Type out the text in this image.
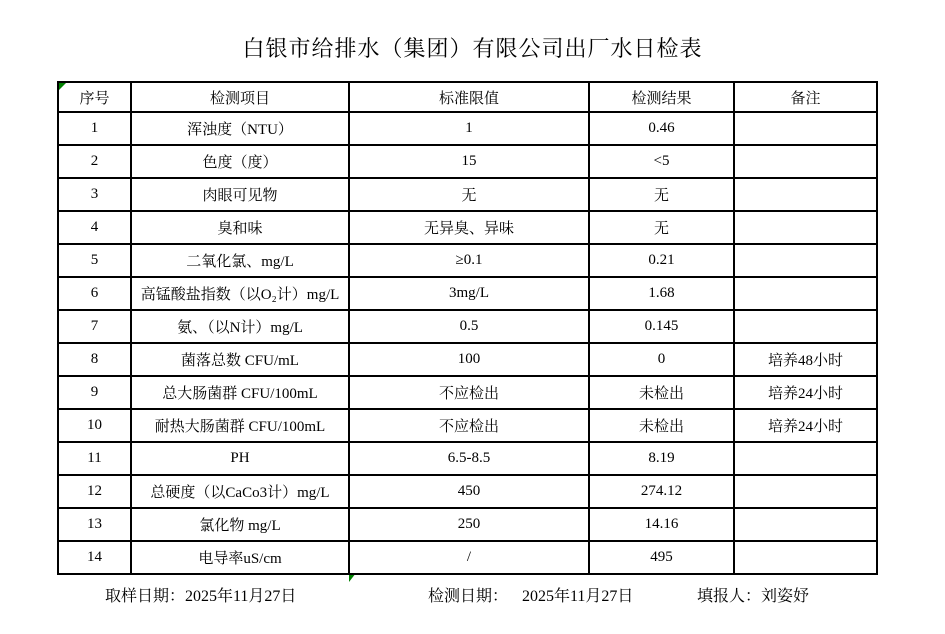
白银市给排水（集团）有限公司出厂水日检表
序号	检测项目	标准限值	检测结果	备注
1	浑浊度（NTU）	1	0.46	
2	色度（度）	15	<5	
3	肉眼可见物	无	无	
4	臭和味	无异臭、异味	无	
5	二氧化氯、mg/L	≥0.1	0.21	
6	高锰酸盐指数（以O₂计）mg/L	3mg/L	1.68	
7	氨、（以N计）mg/L	0.5	0.145	
8	菌落总数 CFU/mL	100	0	培养48小时
9	总大肠菌群 CFU/100mL	不应检出	未检出	培养24小时
10	耐热大肠菌群 CFU/100mL	不应检出	未检出	培养24小时
11	PH	6.5-8.5	8.19	
12	总硬度（以CaCo3计）mg/L	450	274.12	
13	氯化物 mg/L	250	14.16	
14	电导率uS/cm	/	495	
取样日期：2025年11月27日	检测日期： 2025年11月27日	填报人：刘姿妤
